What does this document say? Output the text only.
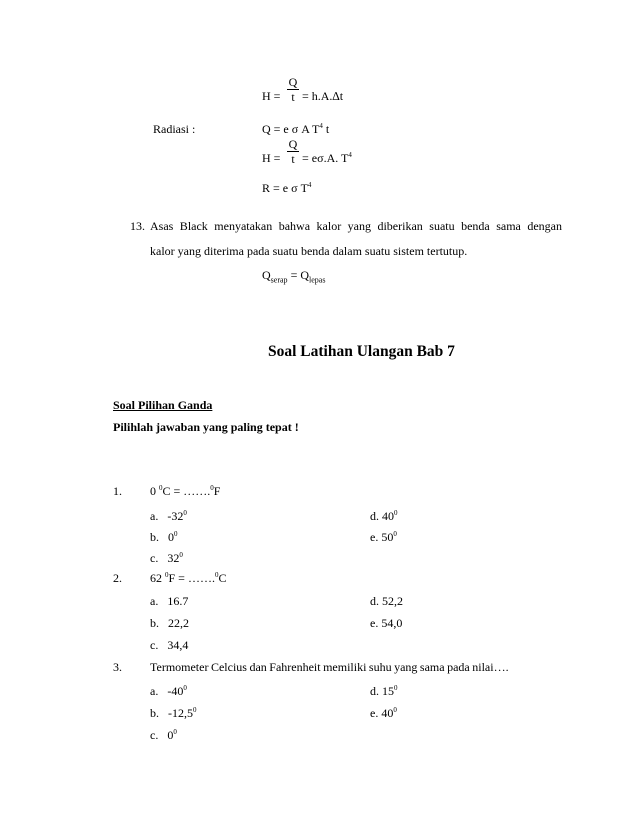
H =
Q
t = h.A.∆t
Radiasi :	Q = e σ A $T^4$ t
H =
Q
t = eσ.A. $T^4$
R = e σ $T^4$
13. Asas Black menyatakan bahwa kalor yang diberikan suatu benda sama dengan
kalor yang diterima pada suatu benda dalam suatu sistem tertutup.
$Q_{serap} = Q_{lepas}$
Soal Latihan Ulangan Bab 7
Soal Pilihan Ganda
Pilihlah jawaban yang paling tepat !
1. 0 $^0$C = …….$^0$F
a. $-32^0$
b. $0^0$
c. $32^0$
d. $40^0$
e. $50^0$
2. 62 $^0$F = …….$^0$C
a. 16.7
b. 22,2
c. 34,4
d. 52,2
e. 54,0
3. Termometer Celcius dan Fahrenheit memiliki suhu yang sama pada nilai….
a. $-40^0$
b. -12,5$^0$
c. $0^0$
d. $15^0$
e. $40^0$
